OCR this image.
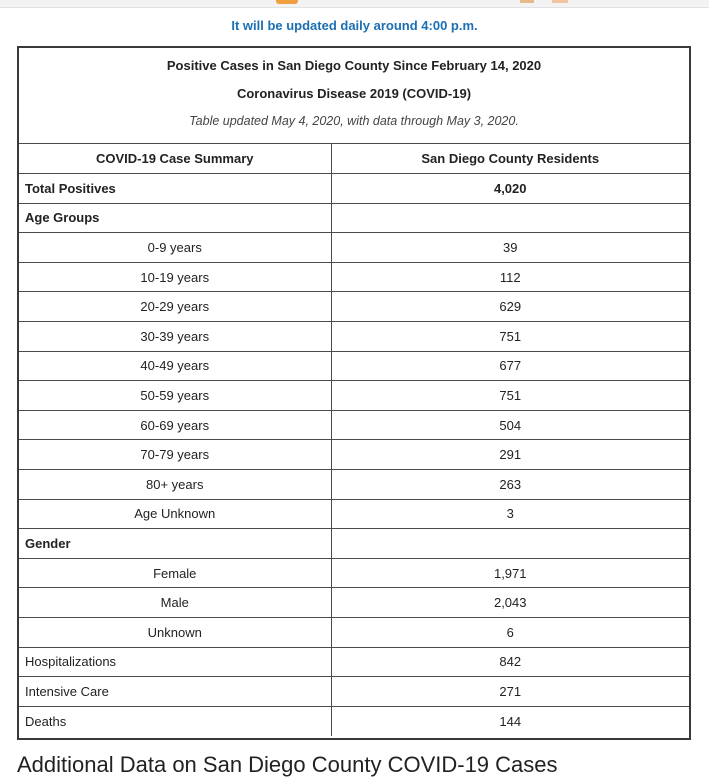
It will be updated daily around 4:00 p.m.
Positive Cases in San Diego County Since February 14, 2020
Coronavirus Disease 2019 (COVID-19)
Table updated May 4, 2020, with data through May 3, 2020.
COVID-19 Case Summary	San Diego County Residents
Total Positives	4,020
Age Groups	
0-9 years	39
10-19 years	112
20-29 years	629
30-39 years	751
40-49 years	677
50-59 years	751
60-69 years	504
70-79 years	291
80+ years	263
Age Unknown	3
Gender	
Female	1,971
Male	2,043
Unknown	6
Hospitalizations	842
Intensive Care	271
Deaths	144
Additional Data on San Diego County COVID-19 Cases
